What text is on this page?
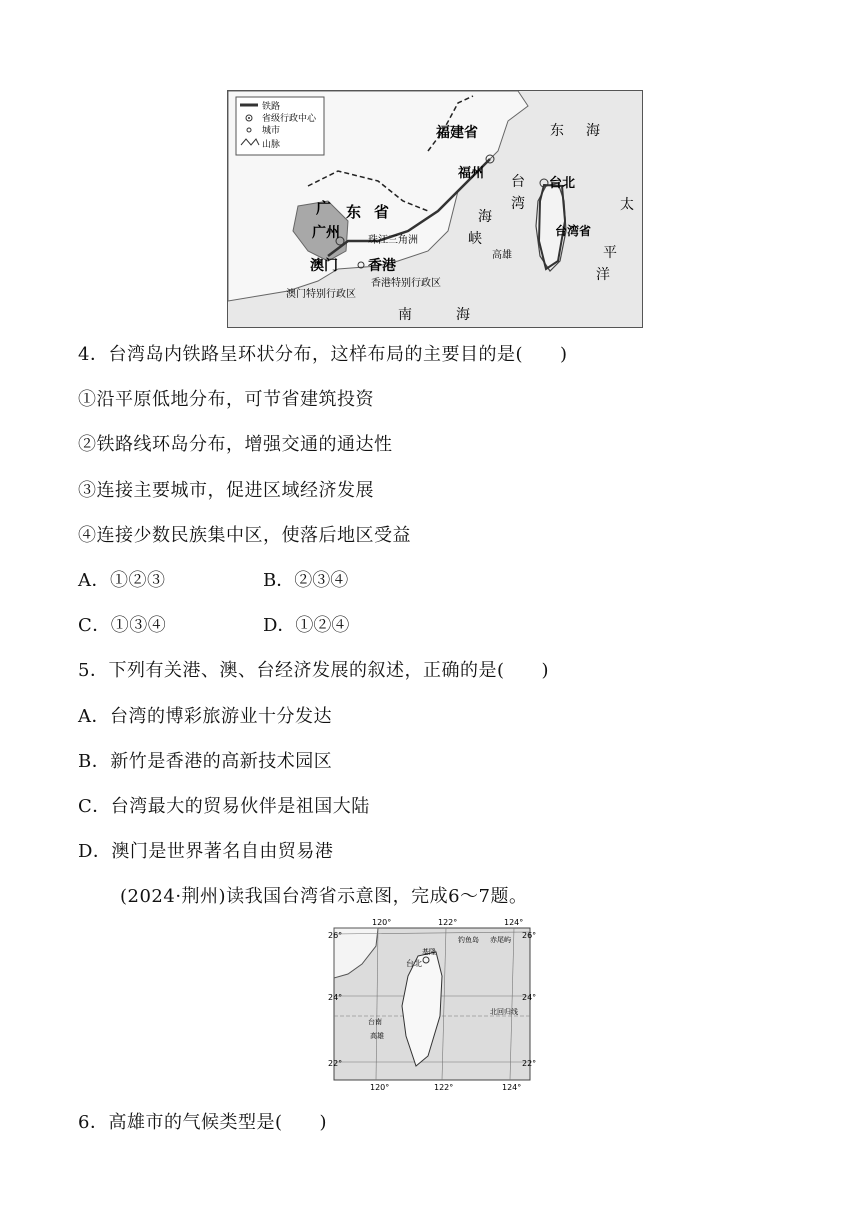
铁路
省级行政中心
城市
山脉
福建省
福州
东 海
台
湾
海
峡
台北
台湾省
高雄
太
平
洋
广 东 省
广州	珠江三角洲
澳门 香港
香港特别行政区
澳门特别行政区
南	海
4．台湾岛内铁路呈环状分布，这样布局的主要目的是(　　)
①沿平原低地分布，可节省建筑投资
②铁路线环岛分布，增强交通的通达性
③连接主要城市，促进区域经济发展
④连接少数民族集中区，使落后地区受益
A．①②③	B．②③④
C．①③④	D．①②④
5．下列有关港、澳、台经济发展的叙述，正确的是(　　)
A．台湾的博彩旅游业十分发达
B．新竹是香港的高新技术园区
C．台湾最大的贸易伙伴是祖国大陆
D．澳门是世界著名自由贸易港
(2024·荆州)读我国台湾省示意图，完成6～7题。
26°
24°
22°
26°
24°
22°
120°	122°	124°
120°	122°	124°
基隆
台北
钓鱼岛 赤尾屿
北回归线
台南
高雄
6．高雄市的气候类型是(　　)
